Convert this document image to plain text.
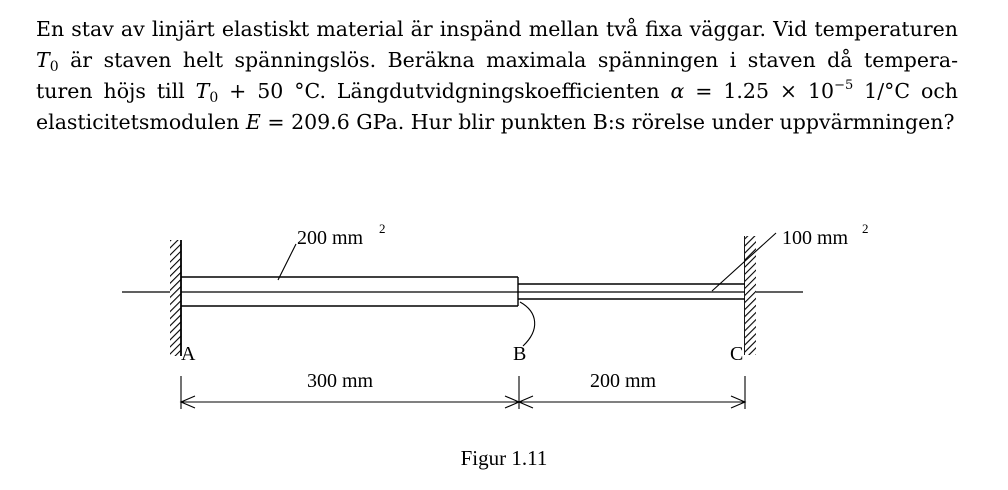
En stav av linjärt elastiskt material är inspänd mellan två fixa väggar. Vid temperaturen
$T_0$ är staven helt spänningslös. Beräkna maximala spänningen i staven då tempera-
turen höjs till $T_0 + 50$ °C. Längdutvidgningskoefficienten $\alpha = 1.25 \times 10^{-5}$ 1/°C och
elasticitetsmodulen E = 209.6 GPa. Hur blir punkten B:s rörelse under uppvärmningen?
200 mm 2	100 mm 2
A	B	C
300 mm	200 mm
Figur 1.11
